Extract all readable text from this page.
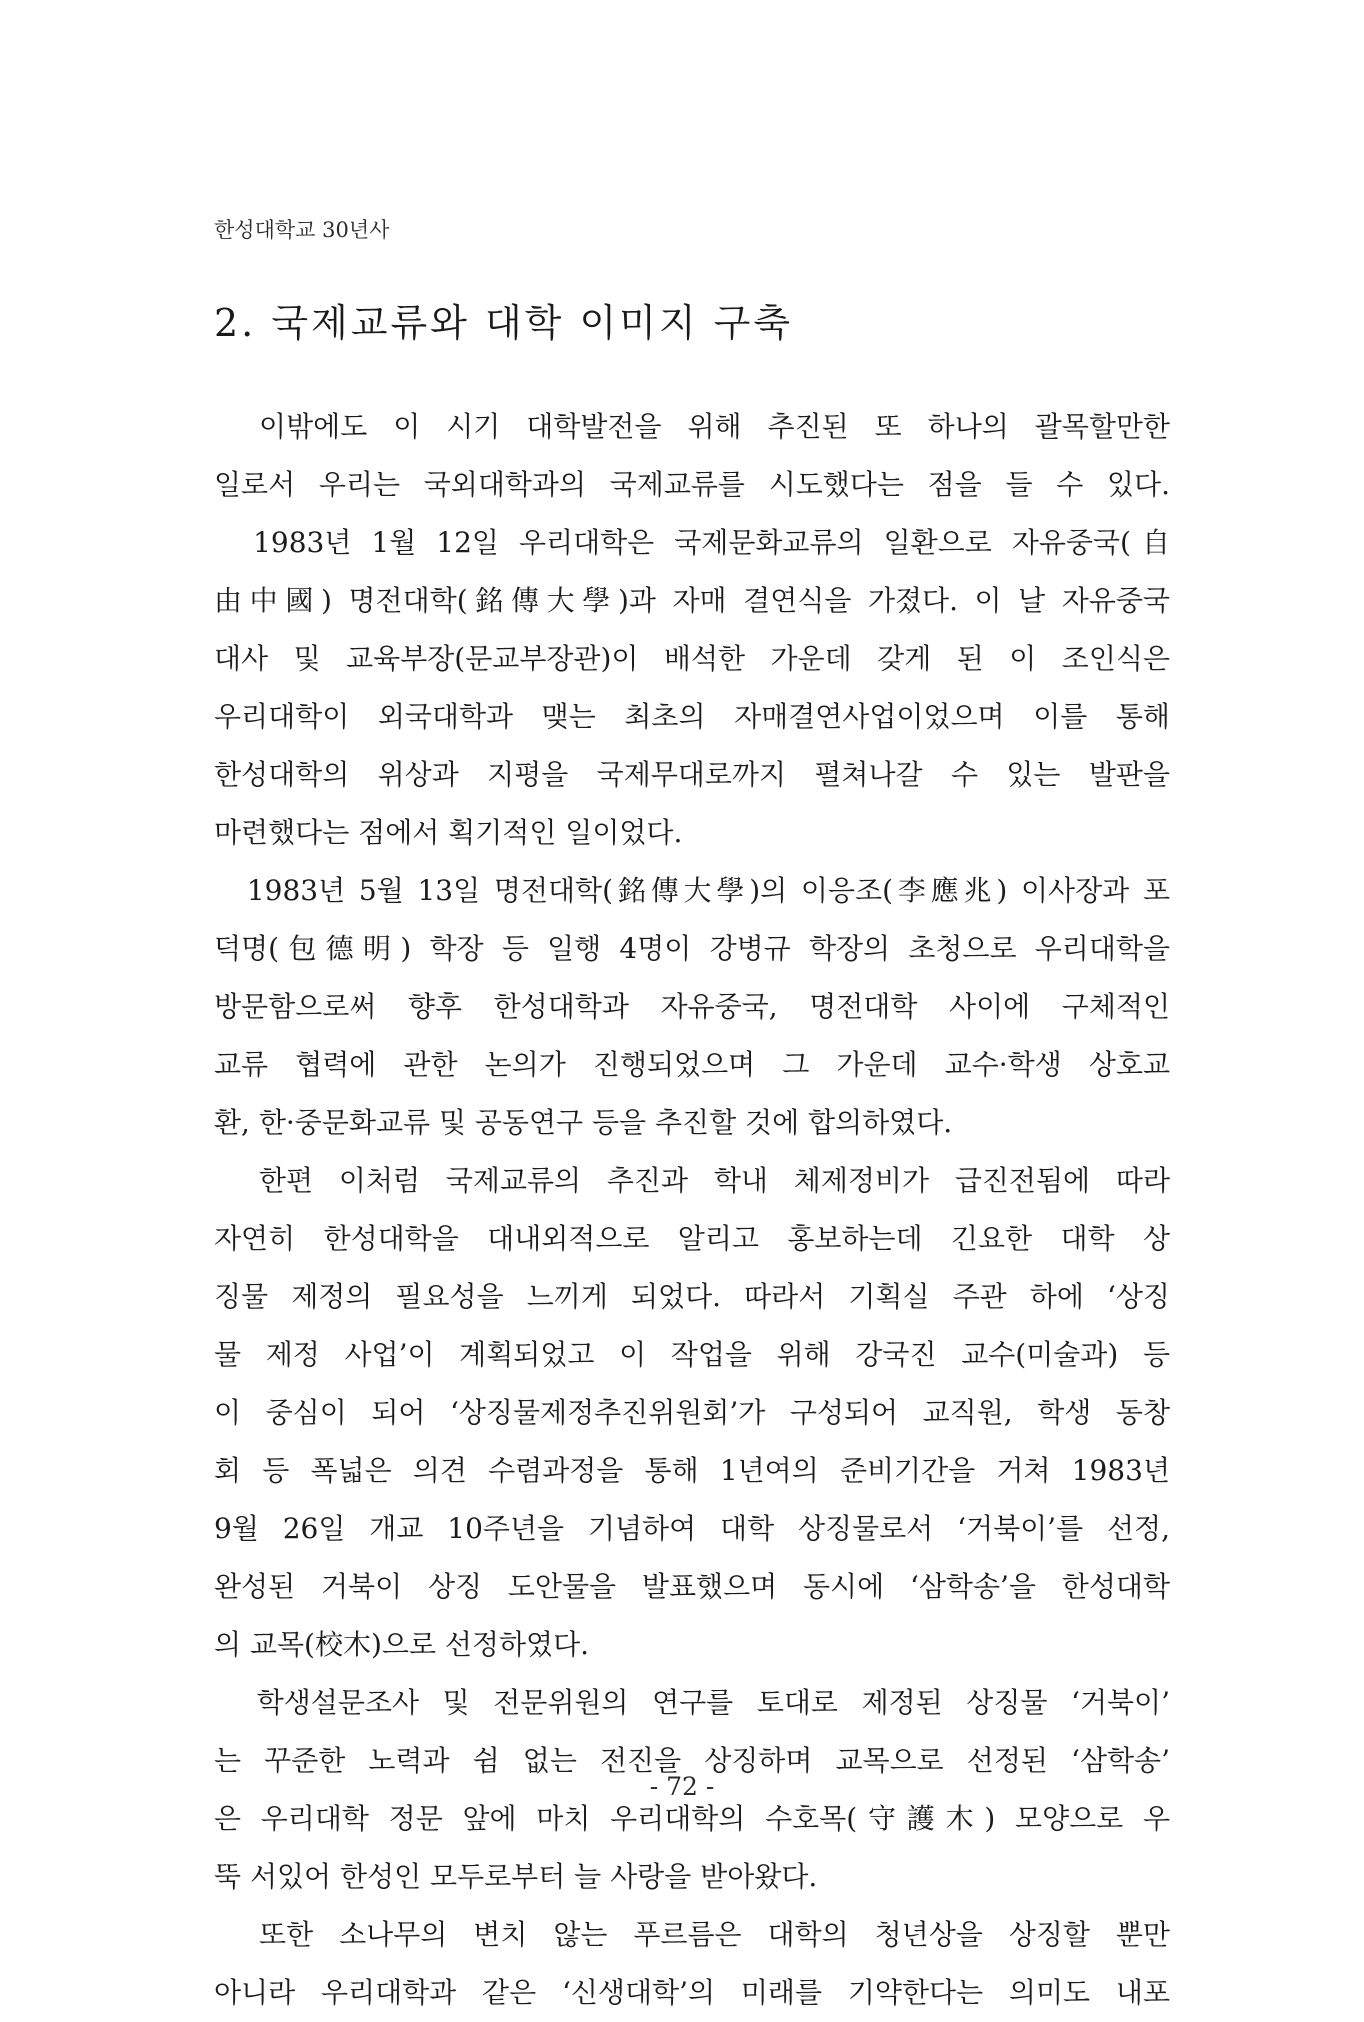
한성대학교 30년사
2. 국제교류와 대학 이미지 구축
　이밖에도 이 시기 대학발전을 위해 추진된 또 하나의 괄목할만한
일로서 우리는 국외대학과의 국제교류를 시도했다는 점을 들 수 있다.
　1983년 1월 12일 우리대학은 국제문화교류의 일환으로 자유중국(自
由中國) 명전대학(銘傳大學)과 자매 결연식을 가졌다. 이 날 자유중국
대사 및 교육부장(문교부장관)이 배석한 가운데 갖게 된 이 조인식은
우리대학이 외국대학과 맺는 최초의 자매결연사업이었으며 이를 통해
한성대학의 위상과 지평을 국제무대로까지 펼쳐나갈 수 있는 발판을
마련했다는 점에서 획기적인 일이었다.
　1983년 5월 13일 명전대학(銘傳大學)의 이응조(李應兆) 이사장과 포
덕명(包德明) 학장 등 일행 4명이 강병규 학장의 초청으로 우리대학을
방문함으로써 향후 한성대학과 자유중국, 명전대학 사이에 구체적인
교류 협력에 관한 논의가 진행되었으며 그 가운데 교수·학생 상호교
환, 한·중문화교류 및 공동연구 등을 추진할 것에 합의하였다.
　한편 이처럼 국제교류의 추진과 학내 체제정비가 급진전됨에 따라
자연히 한성대학을 대내외적으로 알리고 홍보하는데 긴요한 대학 상
징물 제정의 필요성을 느끼게 되었다. 따라서 기획실 주관 하에 ‘상징
물 제정 사업’이 계획되었고 이 작업을 위해 강국진 교수(미술과) 등
이 중심이 되어 ‘상징물제정추진위원회’가 구성되어 교직원, 학생 동창
회 등 폭넓은 의견 수렴과정을 통해 1년여의 준비기간을 거쳐 1983년
9월 26일 개교 10주년을 기념하여 대학 상징물로서 ‘거북이’를 선정,
완성된 거북이 상징 도안물을 발표했으며 동시에 ‘삼학송’을 한성대학
의 교목(校木)으로 선정하였다.
　학생설문조사 및 전문위원의 연구를 토대로 제정된 상징물 ‘거북이’
는 꾸준한 노력과 쉼 없는 전진을 상징하며 교목으로 선정된 ‘삼학송’
은 우리대학 정문 앞에 마치 우리대학의 수호목(守護木) 모양으로 우
뚝 서있어 한성인 모두로부터 늘 사랑을 받아왔다.
　또한 소나무의 변치 않는 푸르름은 대학의 청년상을 상징할 뿐만
아니라 우리대학과 같은 ‘신생대학’의 미래를 기약한다는 의미도 내포
- 72 -
